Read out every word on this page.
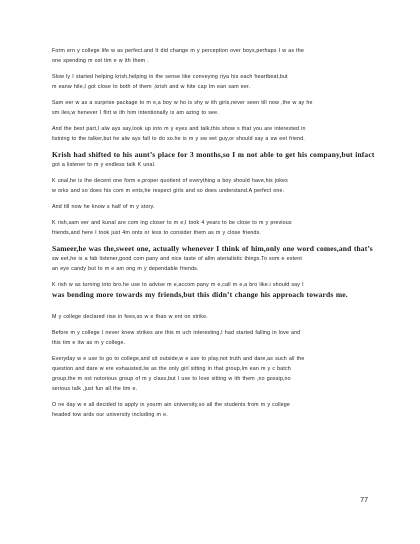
Form ern y college life w as perfect.and It did change m y perception over boys,perhaps I w as the
one spending m ost tim e w ith them .

Slow ly I started helping krish,helping in the sense like conveying riya his each heartbeat,but
m eanw hile,I got close to both of them ,krish and w hite cap Im ean sam eer.

Sam eer w as a surprise package to m e,a boy w ho is shy w ith girls,never seen till now ,the w ay he
sm iles,w henever I flirt w ith him intentionally is am azing to see.

And the best part,I alw ays say,look up into m y eyes and talk,this show s that you are interested in
listning to the talker,but he alw ays fall to do so.he is m y sw eet guy,or should say a sw eet friend.

Krish had shifted to his aunt’s place for 3 months,so I m not able to get his company,but infact
got a listener to m y endless talk K unal.

K unal,he is the decent one form e,proper quotient of everything a boy should have,his jokes
w orks and so does his com m ents,he respect girls and so does understand.A perfect one.

And till now he know s half of m y story.

K rish,sam eer and kunal are com ing closer to m e,I took 4 years to be close to m y previous
friends,and here I took just 4m onts or less to consider them as m y close friends.

Sameer,he was the,sweet one, actually whenever I think of him,only one word comes,and that’s
sw eet,he is a fab listener,good com pany and nice taste of allm aterialistic things.To som e extent
an eye candy but to m e am ong m y dependable friends.

K rish w as turning into bro.he use to advise m e,accom pany m e,call m e,a bro like.i should say I
was bending more towards my friends,but this didn’t change his approach towards me.

M y college declared rise in fees,so w e than w ent on strike.

Before m y college I never knew strikes are this m uch interesting,I had started falling in love and
this tim e itw as m y college.

Everyday w e use to go to college,and sit outside,w e use to play,not truth and dare,as such all the
question and dare w ere exhausted,Iw as the only girl sitting in that group,Im ean m y c batch
group,the m ost notorious group of m y class,but I use to love sitting w ith them ,no gossip,no
serious talk ,just fun all the tim e.

O ne day w e all decided to apply in yourm ain university,so all the students from m y college
headed tow ards our university including m e.

77
